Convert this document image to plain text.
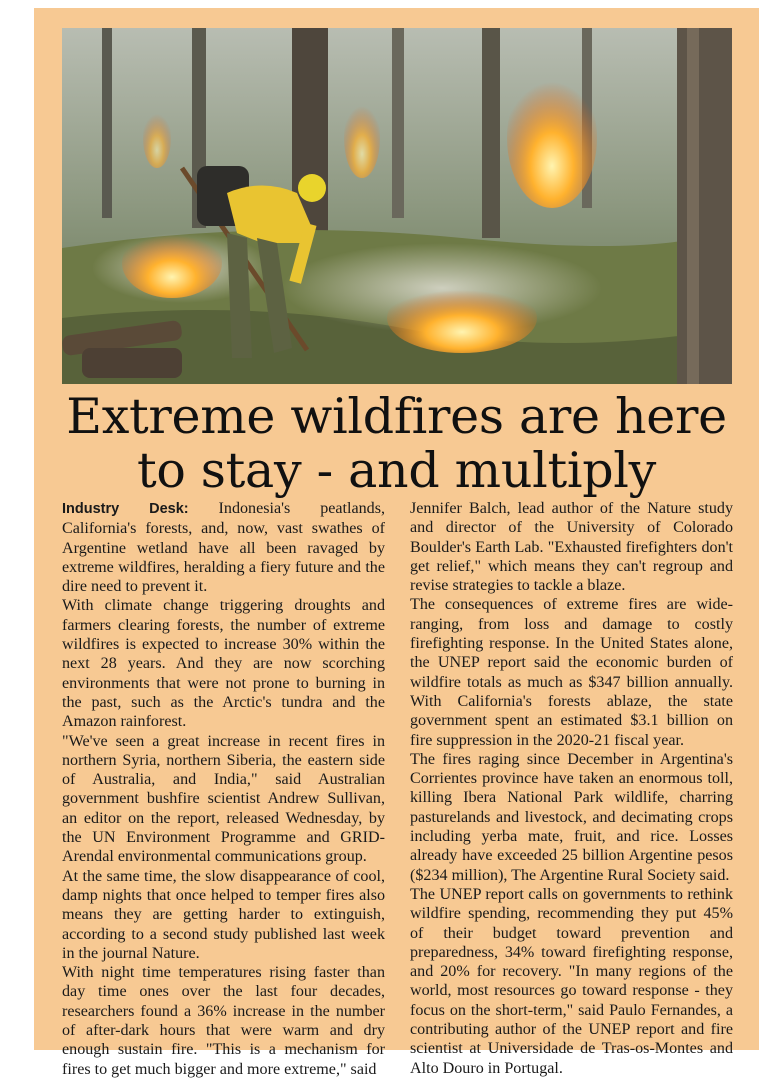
Extreme wildfires are here
to stay - and multiply

Industry Desk: Indonesia's peatlands, California's forests, and, now, vast swathes of Argentine wetland have all been ravaged by extreme wildfires, heralding a fiery future and the dire need to prevent it.

With climate change triggering droughts and farmers clearing forests, the number of extreme wildfires is expected to increase 30% within the next 28 years. And they are now scorching environments that were not prone to burning in the past, such as the Arctic's tundra and the Amazon rainforest.

"We've seen a great increase in recent fires in northern Syria, northern Siberia, the eastern side of Australia, and India," said Australian government bushfire scientist Andrew Sullivan, an editor on the report, released Wednesday, by the UN Environment Programme and GRID-Arendal environmental communications group.

At the same time, the slow disappearance of cool, damp nights that once helped to temper fires also means they are getting harder to extinguish, according to a second study published last week in the journal Nature.

With night time temperatures rising faster than day time ones over the last four decades, researchers found a 36% increase in the number of after-dark hours that were warm and dry enough sustain fire. "This is a mechanism for fires to get much bigger and more extreme," said

Jennifer Balch, lead author of the Nature study and director of the University of Colorado Boulder's Earth Lab. "Exhausted firefighters don't get relief," which means they can't regroup and revise strategies to tackle a blaze.

The consequences of extreme fires are wide-ranging, from loss and damage to costly firefighting response. In the United States alone, the UNEP report said the economic burden of wildfire totals as much as $347 billion annually. With California's forests ablaze, the state government spent an estimated $3.1 billion on fire suppression in the 2020-21 fiscal year.

The fires raging since December in Argentina's Corrientes province have taken an enormous toll, killing Ibera National Park wildlife, charring pasturelands and livestock, and decimating crops including yerba mate, fruit, and rice. Losses already have exceeded 25 billion Argentine pesos ($234 million), The Argentine Rural Society said.

The UNEP report calls on governments to rethink wildfire spending, recommending they put 45% of their budget toward prevention and preparedness, 34% toward firefighting response, and 20% for recovery. "In many regions of the world, most resources go toward response - they focus on the short-term," said Paulo Fernandes, a contributing author of the UNEP report and fire scientist at Universidade de Tras-os-Montes and Alto Douro in Portugal.
